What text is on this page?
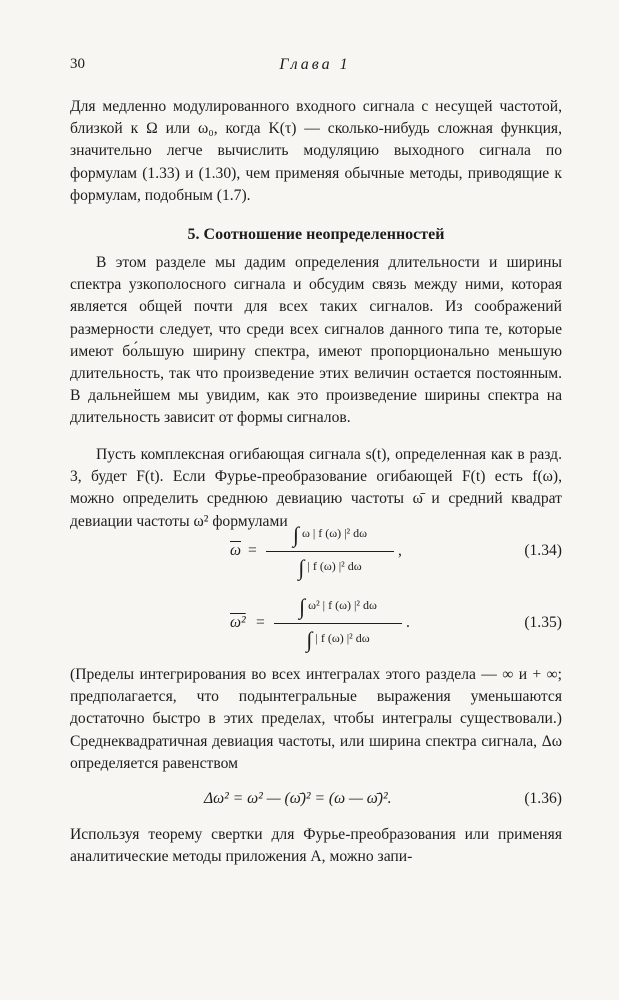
30	Глава 1

Для медленно модулированного входного сигнала с несущей частотой, близкой к Ω или ω₀, когда K(τ) — сколько-нибудь сложная функция, значительно легче вычислить модуляцию выходного сигнала по формулам (1.33) и (1.30), чем применяя обычные методы, приводящие к формулам, подобным (1.7).

5. Соотношение неопределенностей

В этом разделе мы дадим определения длительности и ширины спектра узкополосного сигнала и обсудим связь между ними, которая является общей почти для всех таких сигналов. Из соображений размерности следует, что среди всех сигналов данного типа те, которые имеют бо́льшую ширину спектра, имеют пропорционально меньшую длительность, так что произведение этих величин остается постоянным. В дальнейшем мы увидим, как это произведение ширины спектра на длительность зависит от формы сигналов.

Пусть комплексная огибающая сигнала s(t), определенная как в разд. 3, будет F(t). Если Фурье-преобразование огибающей F(t) есть f(ω), можно определить среднюю девиацию частоты ω̄ и средний квадрат девиации частоты ω² формулами

$\overline{\omega}$ =
∫ ω | f (ω) |² dω
∫ | f (ω) |² dω
,	(1.34)
ω² =
∫ ω² | f (ω) |² dω
∫ | f (ω) |² dω
.	(1.35)

(Пределы интегрирования во всех интегралах этого раздела — ∞ и + ∞; предполагается, что подынтегральные выражения уменьшаются достаточно быстро в этих пределах, чтобы интегралы существовали.) Среднеквадратичная девиация частоты, или ширина спектра сигнала, Δω определяется равенством

Δω² = ω² — (ω̄)² = (ω — ω̄)².	(1.36)

Используя теорему свертки для Фурье-преобразования или применяя аналитические методы приложения А, можно запи-
